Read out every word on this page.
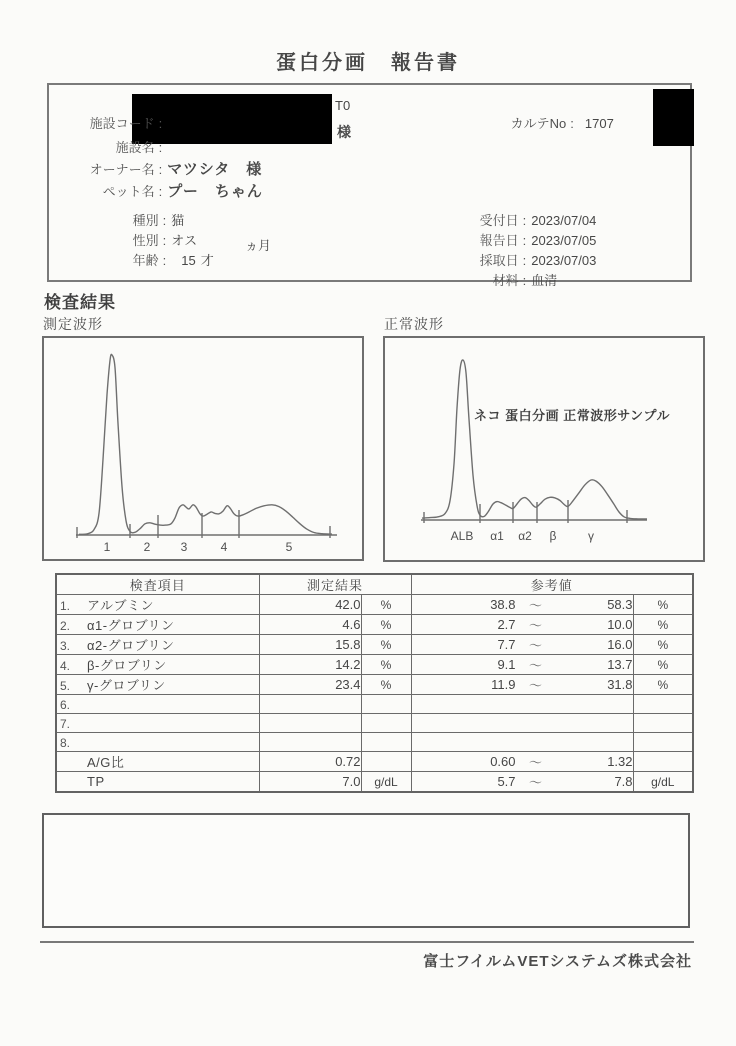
蛋白分画　報告書

施設コード :

T0

カルテNo : 1707

施設名 :

様

オーナー名 : マツシタ　様

ペット名 : プー　ちゃん

種別 : 猫

性別 : オス

年齢 : 15 才

ヵ月

受付日 : 2023/07/04

報告日 : 2023/07/05

採取日 : 2023/07/03

材料 : 血清

検査結果
測定波形	正常波形
1	2	3	4	5
ALB α1 α2 β	γ
ネコ 蛋白分画 正常波形サンプル
検査項目	測定結果		参考値	
1. アルブミン	42.0	%	38.8 ～ 58.3	%
2. α1-グロブリン	4.6	%	2.7 ～ 10.0	%
3. α2-グロブリン	15.8	%	7.7 ～ 16.0	%
4. β-グロブリン	14.2	%	9.1 ～ 13.7	%
5. γ-グロブリン	23.4	%	11.9 ～ 31.8	%
6.				
7.				
8.				
A/G比	0.72		0.60 ～ 1.32	

TP	7.0	g/dL	5.7 ～ 7.8	g/dL
富士フイルムVETシステムズ株式会社
